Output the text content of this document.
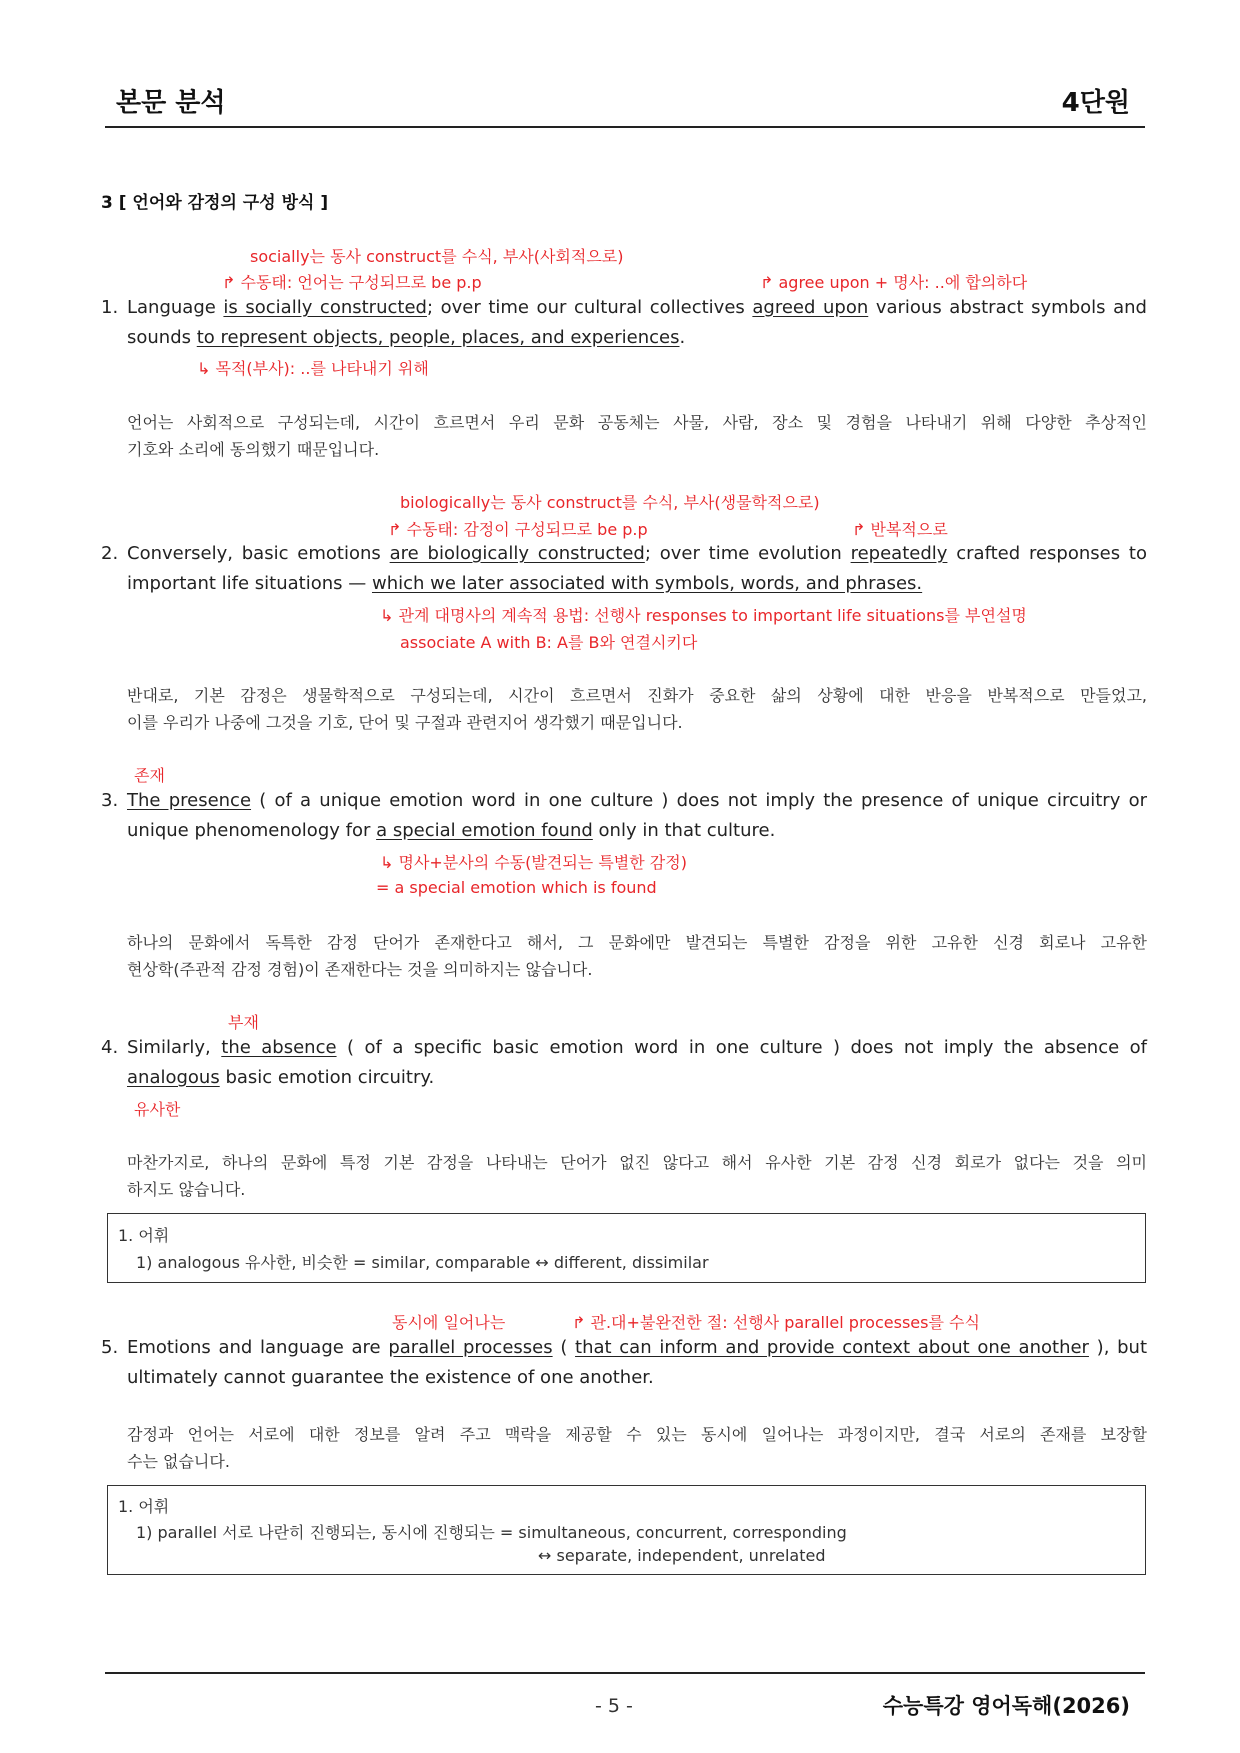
본문 분석	4단원
3 [ 언어와 감정의 구성 방식 ]
socially는 동사 construct를 수식, 부사(사회적으로)
↱ 수동태: 언어는 구성되므로 be p.p	↱ agree upon + 명사: ..에 합의하다
1. Language is socially constructed; over time our cultural collectives agreed upon various abstract symbols and
sounds to represent objects, people, places, and experiences.
↳ 목적(부사): ..를 나타내기 위해
언어는 사회적으로 구성되는데, 시간이 흐르면서 우리 문화 공동체는 사물, 사람, 장소 및 경험을 나타내기 위해 다양한 추상적인
기호와 소리에 동의했기 때문입니다.
biologically는 동사 construct를 수식, 부사(생물학적으로)
↱ 수동태: 감정이 구성되므로 be p.p	↱ 반복적으로
2. Conversely, basic emotions are biologically constructed; over time evolution repeatedly crafted responses to
important life situations — which we later associated with symbols, words, and phrases.
↳ 관계 대명사의 계속적 용법: 선행사 responses to important life situations를 부연설명
associate A with B: A를 B와 연결시키다
반대로, 기본 감정은 생물학적으로 구성되는데, 시간이 흐르면서 진화가 중요한 삶의 상황에 대한 반응을 반복적으로 만들었고,
이를 우리가 나중에 그것을 기호, 단어 및 구절과 관련지어 생각했기 때문입니다.
존재
3. The presence ( of a unique emotion word in one culture ) does not imply the presence of unique circuitry or
unique phenomenology for a special emotion found only in that culture.
↳ 명사+분사의 수동(발견되는 특별한 감정)
= a special emotion which is found
하나의 문화에서 독특한 감정 단어가 존재한다고 해서, 그 문화에만 발견되는 특별한 감정을 위한 고유한 신경 회로나 고유한
현상학(주관적 감정 경험)이 존재한다는 것을 의미하지는 않습니다.
부재
4. Similarly, the absence ( of a specific basic emotion word in one culture ) does not imply the absence of
analogous basic emotion circuitry.
유사한
마찬가지로, 하나의 문화에 특정 기본 감정을 나타내는 단어가 없진 않다고 해서 유사한 기본 감정 신경 회로가 없다는 것을 의미
하지도 않습니다.
1. 어휘
1) analogous 유사한, 비슷한 = similar, comparable ↔ different, dissimilar
동시에 일어나는	↱ 관.대+불완전한 절: 선행사 parallel processes를 수식
5. Emotions and language are parallel processes ( that can inform and provide context about one another ), but
ultimately cannot guarantee the existence of one another.
감정과 언어는 서로에 대한 정보를 알려 주고 맥락을 제공할 수 있는 동시에 일어나는 과정이지만, 결국 서로의 존재를 보장할
수는 없습니다.
1. 어휘
1) parallel 서로 나란히 진행되는, 동시에 진행되는 = simultaneous, concurrent, corresponding
↔ separate, independent, unrelated
- 5 -	수능특강 영어독해(2026)
